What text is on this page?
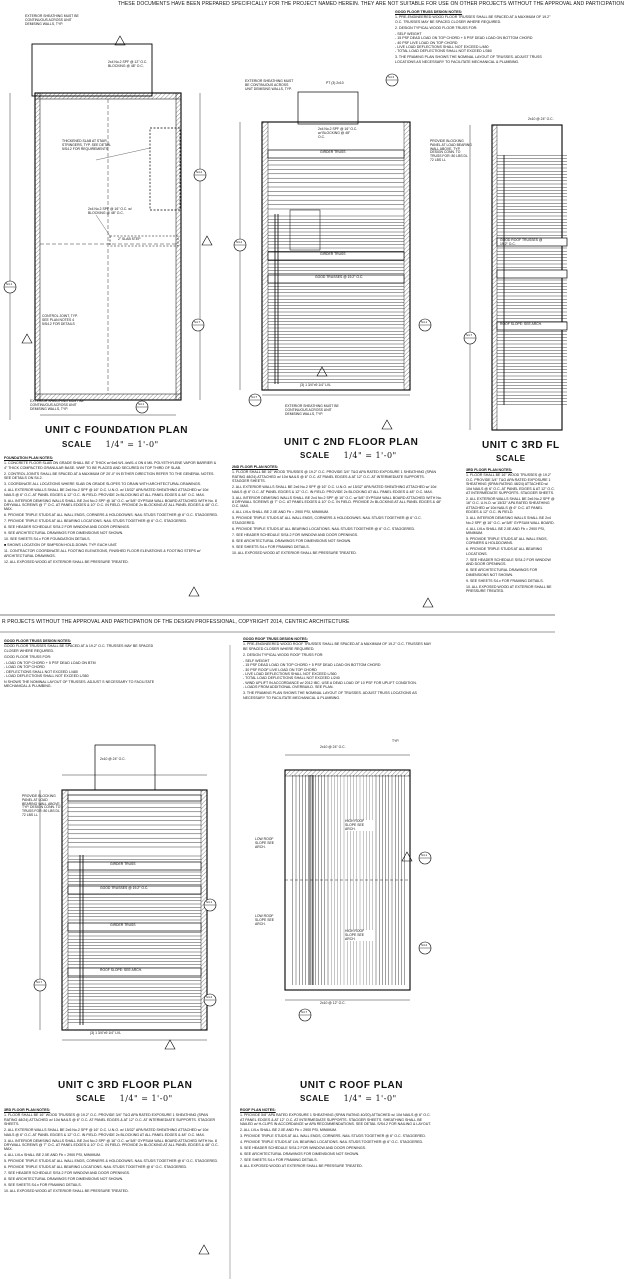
THESE DOCUMENTS HAVE BEEN PREPARED SPECIFICALLY FOR THE PROJECT NAMED HEREIN. THEY ARE NOT SUITABLE FOR USE ON OTHER PROJECTS WITHOUT THE APPROVAL AND PARTICIPATION
EXTERIOR SHEATHING MUST BE CONTINUOUS ACROSS UNIT DEMISING WALLS, TYP.
2x4 No.2 SPF @ 12" O.C. BLOCKING @ 48" O.C.
THICKENED SLAB AT STAIR STRINGERS, TYP. SEE DETAIL 5/S4.2 FOR REQUIREMENTS
2x4 No.2 SPF @ 16" O.C. w/ BLOCKING @ 48" O.C.
2" SLAB STEP
CONTROL JOINT, TYP. SEE PLAN NOTES 4 5/S4.2 FOR DETAILS
EXTERIOR SHEATHING MUST BE CONTINUOUS ACROSS UNIT DEMISING WALLS, TYP.
EXTERIOR SHEATHING MUST BE CONTINUOUS ACROSS UNIT DEMISING WALLS, TYP.
PT (3) 2x10
2x4 No.2 SPF @ 16" O.C. w/ BLOCKING @ 48" O.C.
GIRDER TRUSS
GIRDER TRUSS
GOOD TRUSSES @ 19.2" O.C.
(3) 1 3/4"x9 1/4" LVL
EXTERIOR SHEATHING MUST BE CONTINUOUS ACROSS UNIT DEMISING WALLS, TYP.
2x10 @ 24" O.C.
PROVIDE BLOCKING PANEL AT LOAD BEARING WALL ABOVE, TYP. DESIGN CONN. TO TRUSS FOR: 80 LBS DL 72 LBS LL
GOOD ROOF TRUSSES @ 19.2" O.C.
ROOF SLOPE: SEE ARCH.
PROVIDE BLOCKING PANEL AT LOAD BEARING WALL ABOVE, TYP. DESIGN CONN. TO TRUSS FOR: 80 LBS DL 72 LBS LL
2x10 @ 24" O.C.
GIRDER TRUSS
GOOD TRUSSES @ 19.2" O.C.
GIRDER TRUSS
ROOF SLOPE: SEE ARCH.
(3) 1 3/4"x9 1/4" LVL
2x10 @ 24" O.C.
TYP.
HIGH ROOF SLOPE SEE ARCH.
HIGH ROOF SLOPE SEE ARCH.
LOW ROOF SLOPE SEE ARCH.
LOW ROOF SLOPE SEE ARCH.
2x10 @ 12" O.C.
UNIT C FOUNDATION PLAN
SCALE 1/4" = 1'-0"
FOUNDATION PLAN NOTES:

1. CONCRETE FLOOR SLAB ON GRADE SHALL BE 4" THICK w/ 6x6 W1.4xW1.4 ON 6 MIL POLYETHYLENE VAPOR BARRIER & 4" THICK COMPACTED GRANULAR BASE. WWF TO BE PLACED AND SECURED IN TOP THIRD OF SLAB.

2. CONTROL JOINTS SHALL BE SPACED AT A MAXIMUM OF 20'-0" IN EITHER DIRECTION REFER TO THE GENERAL NOTES. SEE DETAILS ON S4.2.

3. COORDINATE ALL LOCATIONS WHERE SLAB ON GRADE SLOPES TO DRAIN WITH ARCHITECTURAL DRAWINGS.

4. ALL EXTERIOR WALLS SHALL BE 2x6 No.2 SPF @ 16" O.C. U.N.O. w/ 15/32" APA RATED SHEATHING ATTACHED w/ 10d NAILS @ 6" O.C. AT PANEL EDGES & 12" O.C. IN FIELD. PROVIDE 2x BLOCKING AT ALL PANEL EDGES & 48" O.C. MAX.

5. ALL INTERIOR DEMISING WALLS SHALL BE 2x4 No.2 SPF @ 16" O.C. w/ 5/8" GYPSUM WALL BOARD ATTACHED WITH No. 8 DRYWALL SCREWS @ 7" O.C. AT PANEL EDGES & 10" O.C. IN FIELD. PROVIDE 2x BLOCKING AT ALL PANEL EDGES & 48" O.C. MAX.

6. PROVIDE TRIPLE STUDS AT ALL WALL ENDS, CORNERS & HOLDDOWNS. NAIL STUDS TOGETHER @ 6" O.C. STAGGERED.

7. PROVIDE TRIPLE STUDS AT ALL BEARING LOCATIONS. NAIL STUDS TOGETHER @ 6" O.C. STAGGERED.

8. SEE HEADER SCHEDULE S/S4.2 FOR WINDOW AND DOOR OPENINGS.

9. SEE ARCHITECTURAL DRAWINGS FOR DIMENSIONS NOT SHOWN.

10. SEE SHEETS S4.x FOR FOUNDATION DETAILS.

■ SHOWS LOCATION OF SIMPSON HOLD-DOWN. TYP. EACH UNIT.

11. CONTRACTOR COORDINATE ALL FOOTING ELEVATIONS, FINISHED FLOOR ELEVATIONS & FOOTING STEPS w/ ARCHITECTURAL DRAWINGS.

12. ALL EXPOSED WOOD AT EXTERIOR SHALL BE PRESSURE TREATED.

GOOD FLOOR TRUSS DESIGN NOTES:

1. PRE-ENGINEERED WOOD FLOOR TRUSSES SHALL BE SPACED AT A MAXIMUM OF 19.2" O.C. TRUSSES MAY BE SPACED CLOSER WHERE REQUIRED.

2. DESIGN TYPICAL WOOD FLOOR TRUSS FOR:

- SELF WEIGHT

- 15 PSF DEAD LOAD ON TOP CHORD + 5 PSF DEAD LOAD ON BOTTOM CHORD

- 40 PSF LIVE LOAD ON TOP CHORD

- LIVE LOAD DEFLECTIONS SHALL NOT EXCEED L/480

- TOTAL LOAD DEFLECTIONS SHALL NOT EXCEED L/360

3. THE FRAMING PLAN SHOWS THE NOMINAL LAYOUT OF TRUSSES. ADJUST TRUSS LOCATIONS AS NECESSARY TO FACILITATE MECHANICAL & PLUMBING.

UNIT C 2ND FLOOR PLAN
SCALE 1/4" = 1'-0"
2ND FLOOR PLAN NOTES:

1. FLOOR SHALL BE 16" WOOD TRUSSES @ 19.2" O.C. PROVIDE 3/4" T&G APA RATED EXPOSURE 1 SHEATHING (SPAN RATING 48/24) ATTACHED w/ 10d NAILS @ 6" O.C. AT PANEL EDGES & AT 12" O.C. AT INTERMEDIATE SUPPORTS. STAGGER SHEETS.

2. ALL EXTERIOR WALLS SHALL BE 2x6 No.2 SPF @ 16" O.C. U.N.O. w/ 15/32" APA RATED SHEATHING ATTACHED w/ 10d NAILS @ 6" O.C. AT PANEL EDGES & 12" O.C. IN FIELD. PROVIDE 2x BLOCKING AT ALL PANEL EDGES & 48" O.C. MAX.

3. ALL INTERIOR DEMISING WALLS SHALL BE 2x4 No.2 SPF @ 16" O.C. w/ 5/8" GYPSUM WALL BOARD ATTACHED WITH No. 8 DRYWALL SCREWS @ 7" O.C. AT PANEL EDGES & 10" O.C. IN FIELD. PROVIDE 2x BLOCKING AT ALL PANEL EDGES & 48" O.C. MAX.

4. ALL LVLs SHALL BE 2.0E AND Fb = 2900 PSI, MINIMUM.

5. PROVIDE TRIPLE STUDS AT ALL WALL ENDS, CORNERS & HOLDDOWNS. NAIL STUDS TOGETHER @ 6" O.C. STAGGERED.

6. PROVIDE TRIPLE STUDS AT ALL BEARING LOCATIONS. NAIL STUDS TOGETHER @ 6" O.C. STAGGERED.

7. SEE HEADER SCHEDULE S/S4.2 FOR WINDOW AND DOOR OPENINGS.

8. SEE ARCHITECTURAL DRAWINGS FOR DIMENSIONS NOT SHOWN.

9. SEE SHEETS S4.x FOR FRAMING DETAILS.

10. ALL EXPOSED WOOD AT EXTERIOR SHALL BE PRESSURE TREATED.

UNIT C 3RD FL
SCALE
3RD FLOOR PLAN NOTES:

1. FLOOR SHALL BE 16" WOOD TRUSSES @ 19.2" O.C. PROVIDE 3/4" T&G APA RATED EXPOSURE 1 SHEATHING (SPAN RATING 48/24) ATTACHED w/ 10d NAILS @ 6" O.C. AT PANEL EDGES & AT 12" O.C. AT INTERMEDIATE SUPPORTS. STAGGER SHEETS.

2. ALL EXTERIOR WALLS SHALL BE 2x6 No.2 SPF @ 16" O.C. U.N.O. w/ 15/32" APA RATED SHEATHING ATTACHED w/ 10d NAILS @ 6" O.C. AT PANEL EDGES & 12" O.C. IN FIELD.

3. ALL INTERIOR DEMISING WALLS SHALL BE 2x4 No.2 SPF @ 16" O.C. w/ 5/8" GYPSUM WALL BOARD.

4. ALL LVLs SHALL BE 2.0E AND Fb = 2900 PSI, MINIMUM.

5. PROVIDE TRIPLE STUDS AT ALL WALL ENDS, CORNERS & HOLDDOWNS.

6. PROVIDE TRIPLE STUDS AT ALL BEARING LOCATIONS.

7. SEE HEADER SCHEDULE S/S4.2 FOR WINDOW AND DOOR OPENINGS.

8. SEE ARCHITECTURAL DRAWINGS FOR DIMENSIONS NOT SHOWN.

9. SEE SHEETS S4.x FOR FRAMING DETAILS.

10. ALL EXPOSED WOOD AT EXTERIOR SHALL BE PRESSURE TREATED.

R PROJECTS WITHOUT THE APPROVAL AND PARTICIPATION OF THE DESIGN PROFESSIONAL, COPYRIGHT 2014, CENTRIC ARCHITECTURE
GOOD FLOOR TRUSS DESIGN NOTES:

GOOD FLOOR TRUSSES SHALL BE SPACED AT A 19.2" O.C. TRUSSES MAY BE SPACED CLOSER WHERE REQUIRED.

GOOD FLOOR TRUSS FOR:

- LOAD ON TOP CHORD + 5 PSF DEAD LOAD ON BTM

- LOAD ON TOP CHORD

- DEFLECTIONS SHALL NOT EXCEED L/480

- LOAD DEFLECTIONS SHALL NOT EXCEED L/360

N SHOWS THE NOMINAL LAYOUT OF TRUSSES. ADJUST S NECESSARY TO FACILITATE MECHANICAL & PLUMBING.

GOOD ROOF TRUSS DESIGN NOTES:

1. PRE-ENGINEERED WOOD ROOF TRUSSES SHALL BE SPACED AT A MAXIMUM OF 19.2" O.C. TRUSSES MAY BE SPACED CLOSER WHERE REQUIRED.

2. DESIGN TYPICAL WOOD ROOF TRUSS FOR:

- SELF WEIGHT

- 15 PSF DEAD LOAD ON TOP CHORD + 5 PSF DEAD LOAD ON BOTTOM CHORD

- 30 PSF ROOF LIVE LOAD ON TOP CHORD

- LIVE LOAD DEFLECTIONS SHALL NOT EXCEED L/360

- TOTAL LOAD DEFLECTIONS SHALL NOT EXCEED L/240

- WIND UPLIFT IN ACCORDANCE w/ 2012 IBC. USE A DEAD LOAD OF 10 PSF FOR UPLIFT CONDITION.

- LOADS FROM ADDITIONAL OVERBUILD. SEE PLAN.

3. THE FRAMING PLAN SHOWS THE NOMINAL LAYOUT OF TRUSSES. ADJUST TRUSS LOCATIONS AS NECESSARY TO FACILITATE MECHANICAL & PLUMBING.

UNIT C 3RD FLOOR PLAN
SCALE 1/4" = 1'-0"
3RD FLOOR PLAN NOTES:

1. FLOOR SHALL BE 16" WOOD TRUSSES @ 19.2" O.C. PROVIDE 3/4" T&G APA RATED EXPOSURE 1 SHEATHING (SPAN RATING 48/24) ATTACHED w/ 10d NAILS @ 6" O.C. AT PANEL EDGES & AT 12" O.C. AT INTERMEDIATE SUPPORTS. STAGGER SHEETS.

2. ALL EXTERIOR WALLS SHALL BE 2x6 No.2 SPF @ 16" O.C. U.N.O. w/ 15/32" APA RATED SHEATHING ATTACHED w/ 10d NAILS @ 6" O.C. AT PANEL EDGES & 12" O.C. IN FIELD. PROVIDE 2x BLOCKING AT ALL PANEL EDGES & 48" O.C. MAX.

3. ALL INTERIOR DEMISING WALLS SHALL BE 2x4 No.2 SPF @ 16" O.C. w/ 5/8" GYPSUM WALL BOARD ATTACHED WITH No. 8 DRYWALL SCREWS @ 7" O.C. AT PANEL EDGES & 10" O.C. IN FIELD. PROVIDE 2x BLOCKING AT ALL PANEL EDGES & 48" O.C. MAX.

4. ALL LVLs SHALL BE 2.0E AND Fb = 2900 PSI, MINIMUM.

5. PROVIDE TRIPLE STUDS AT ALL WALL ENDS, CORNERS & HOLDDOWNS. NAIL STUDS TOGETHER @ 6" O.C. STAGGERED.

6. PROVIDE TRIPLE STUDS AT ALL BEARING LOCATIONS. NAIL STUDS TOGETHER @ 6" O.C. STAGGERED.

7. SEE HEADER SCHEDULE S/S4.2 FOR WINDOW AND DOOR OPENINGS.

8. SEE ARCHITECTURAL DRAWINGS FOR DIMENSIONS NOT SHOWN.

9. SEE SHEETS S4.x FOR FRAMING DETAILS.

10. ALL EXPOSED WOOD AT EXTERIOR SHALL BE PRESSURE TREATED.

UNIT C ROOF PLAN
SCALE 1/4" = 1'-0"
ROOF PLAN NOTES:

1. PROVIDE 5/8" APA RATED EXPOSURE 1 SHEATHING (SPAN RATING 40/20) ATTACHED w/ 10d NAILS @ 6" O.C. AT PANEL EDGES & AT 12" O.C. AT INTERMEDIATE SUPPORTS. STAGGER SHEETS. SHEATHING SHALL BE NAILED w/ H-CLIPS IN ACCORDANCE w/ APA RECOMMENDATIONS. SEE DETAIL S/S4.2 FOR NAILING & LAYOUT.

2. ALL LVLs SHALL BE 2.0E AND Fb = 2900 PSI, MINIMUM.

3. PROVIDE TRIPLE STUDS AT ALL WALL ENDS, CORNERS. NAIL STUDS TOGETHER @ 6" O.C. STAGGERED.

4. PROVIDE TRIPLE STUDS AT LVL BEARING LOCATIONS. NAIL STUDS TOGETHER @ 6" O.C. STAGGERED.

5. SEE HEADER SCHEDULE S/S4.2 FOR WINDOW AND DOOR OPENINGS.

6. SEE ARCHITECTURAL DRAWINGS FOR DIMENSIONS NOT SHOWN.

7. SEE SHEETS S4.x FOR FRAMING DETAILS.

8. ALL EXPOSED WOOD AT EXTERIOR SHALL BE PRESSURE TREATED.

S4.1
S4.2
S4.7
S4.1
S4.2
S4.3
S4.7
S4.1
S4.7
S4.7
S4.1
S4.2
S4.7
S4.1
S4.2
